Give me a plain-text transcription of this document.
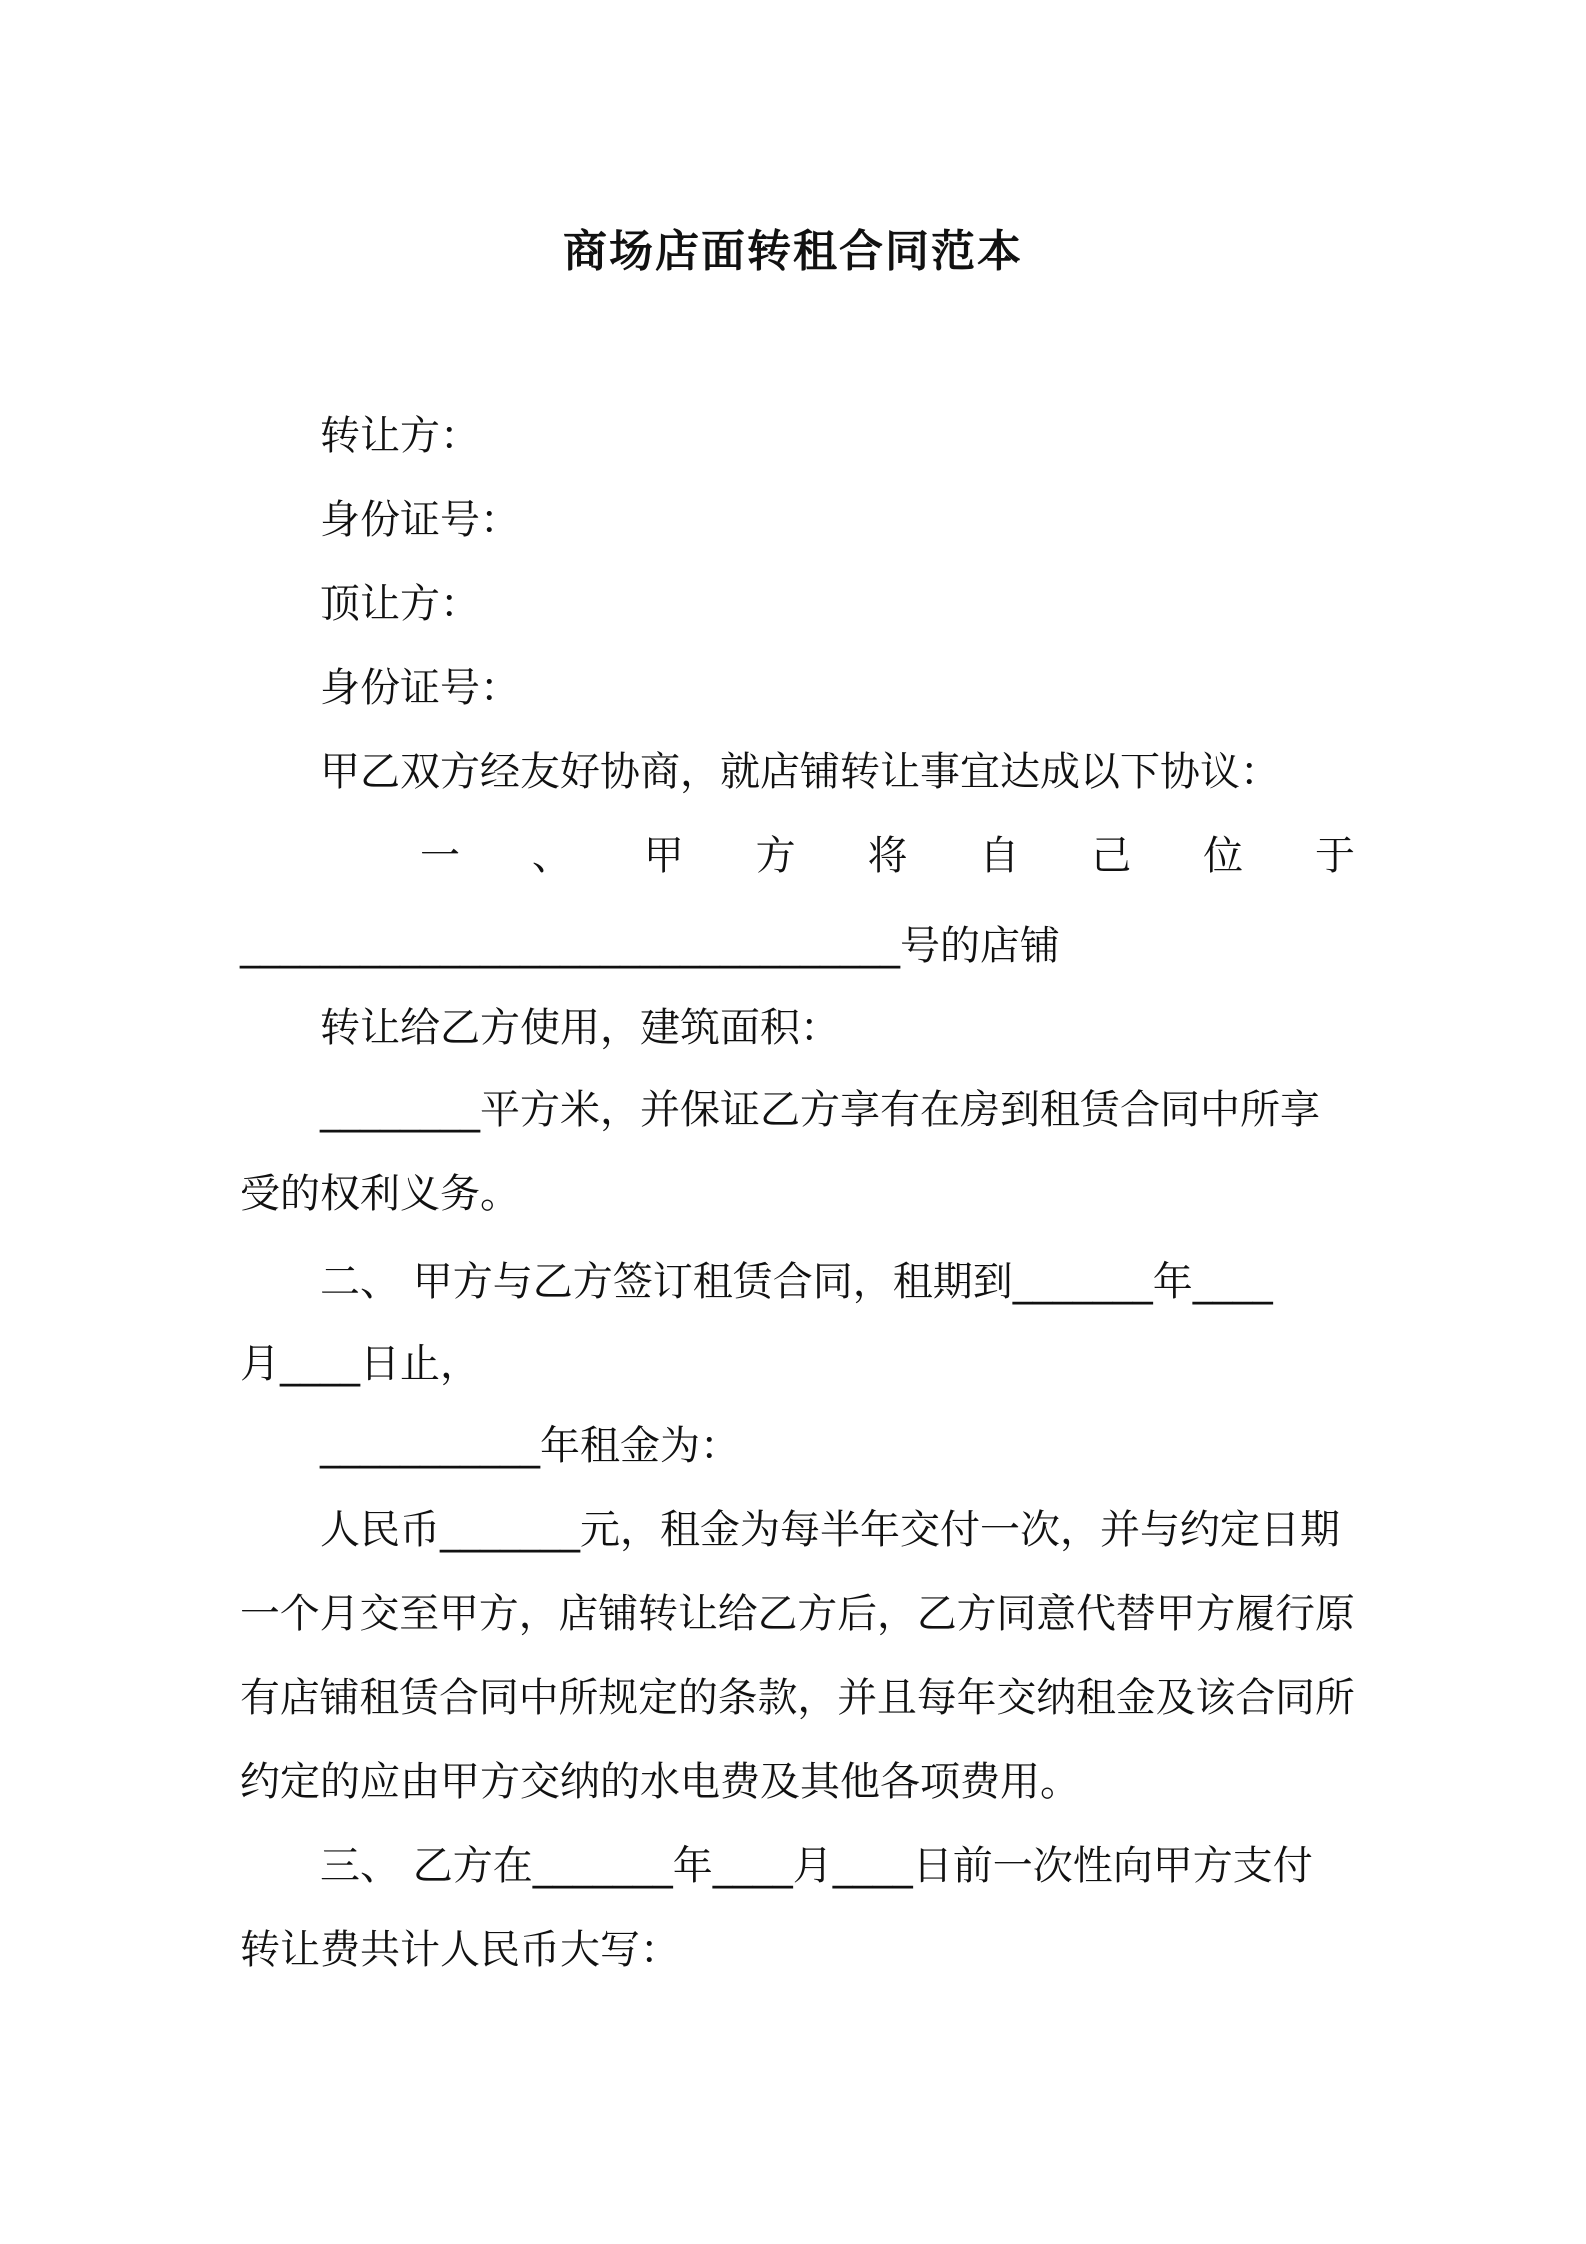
商场店面转租合同范本
转让方：
身份证号：
顶让方：
身份证号：
甲乙双方经友好协商，就店铺转让事宜达成以下协议：
一 、 甲 方 将 自 己 位 于
_________________________________号的店铺
转让给乙方使用，建筑面积：
________平方米，并保证乙方享有在房到租赁合同中所享
受的权利义务。
二、 甲方与乙方签订租赁合同，租期到_______年____
月____日止，
___________年租金为：
人民币_______元，租金为每半年交付一次，并与约定日期
一个月交至甲方，店铺转让给乙方后，乙方同意代替甲方履行原
有店铺租赁合同中所规定的条款，并且每年交纳租金及该合同所
约定的应由甲方交纳的水电费及其他各项费用。
三、 乙方在_______年____月____日前一次性向甲方支付
转让费共计人民币大写：
